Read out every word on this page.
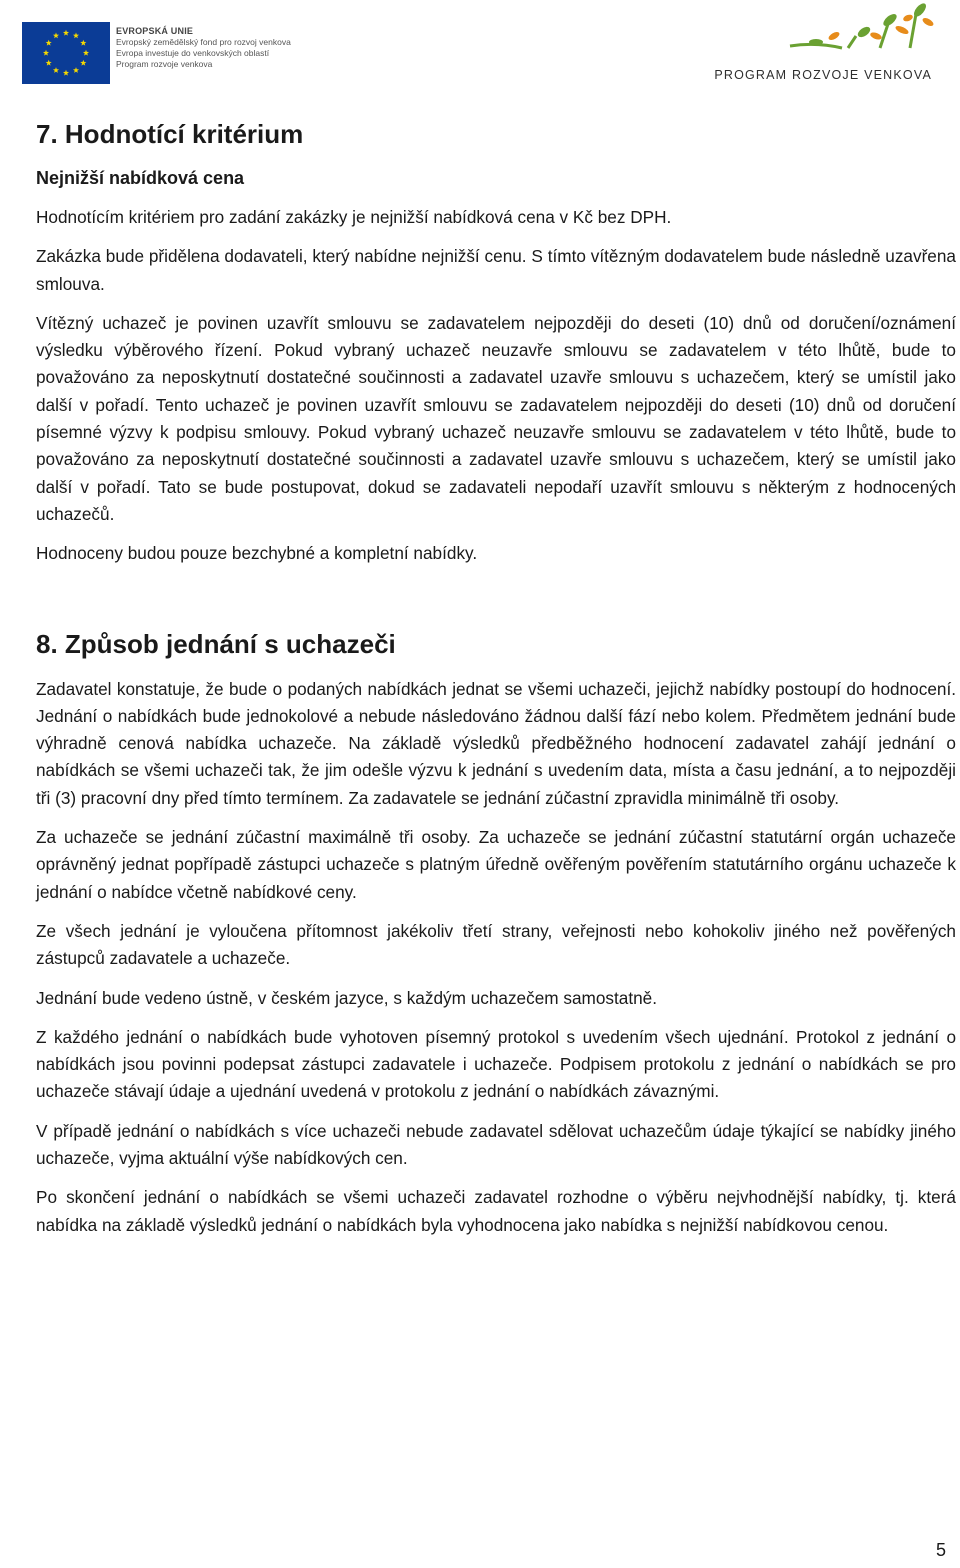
EVROPSKÁ UNIE
Evropský zemědělský fond pro rozvoj venkova
Evropa investuje do venkovských oblastí
Program rozvoje venkova
PROGRAM ROZVOJE VENKOVA
7. Hodnotící kritérium
Nejnižší nabídková cena

Hodnotícím kritériem pro zadání zakázky je nejnižší nabídková cena v Kč bez DPH.

Zakázka bude přidělena dodavateli, který nabídne nejnižší cenu. S tímto vítězným dodavatelem bude následně uzavřena smlouva.

Vítězný uchazeč je povinen uzavřít smlouvu se zadavatelem nejpozději do deseti (10) dnů od doručení/oznámení výsledku výběrového řízení. Pokud vybraný uchazeč neuzavře smlouvu se zadavatelem v této lhůtě, bude to považováno za neposkytnutí dostatečné součinnosti a zadavatel uzavře smlouvu s uchazečem, který se umístil jako další v pořadí. Tento uchazeč je povinen uzavřít smlouvu se zadavatelem nejpozději do deseti (10) dnů od doručení písemné výzvy k podpisu smlouvy. Pokud vybraný uchazeč neuzavře smlouvu se zadavatelem v této lhůtě, bude to považováno za neposkytnutí dostatečné součinnosti a zadavatel uzavře smlouvu s uchazečem, který se umístil jako další v pořadí. Tato se bude postupovat, dokud se zadavateli nepodaří uzavřít smlouvu s některým z hodnocených uchazečů.

Hodnoceny budou pouze bezchybné a kompletní nabídky.

8. Způsob jednání s uchazeči

Zadavatel konstatuje, že bude o podaných nabídkách jednat se všemi uchazeči, jejichž nabídky postoupí do hodnocení. Jednání o nabídkách bude jednokolové a nebude následováno žádnou další fází nebo kolem. Předmětem jednání bude výhradně cenová nabídka uchazeče. Na základě výsledků předběžného hodnocení zadavatel zahájí jednání o nabídkách se všemi uchazeči tak, že jim odešle výzvu k jednání s uvedením data, místa a času jednání, a to nejpozději tři (3) pracovní dny před tímto termínem. Za zadavatele se jednání zúčastní zpravidla minimálně tři osoby.

Za uchazeče se jednání zúčastní maximálně tři osoby. Za uchazeče se jednání zúčastní statutární orgán uchazeče oprávněný jednat popřípadě zástupci uchazeče s platným úředně ověřeným pověřením statutárního orgánu uchazeče k jednání o nabídce včetně nabídkové ceny.

Ze všech jednání je vyloučena přítomnost jakékoliv třetí strany, veřejnosti nebo kohokoliv jiného než pověřených zástupců zadavatele a uchazeče.

Jednání bude vedeno ústně, v českém jazyce, s každým uchazečem samostatně.

Z každého jednání o nabídkách bude vyhotoven písemný protokol s uvedením všech ujednání. Protokol z jednání o nabídkách jsou povinni podepsat zástupci zadavatele i uchazeče. Podpisem protokolu z jednání o nabídkách se pro uchazeče stávají údaje a ujednání uvedená v protokolu z jednání o nabídkách závaznými.

V případě jednání o nabídkách s více uchazeči nebude zadavatel sdělovat uchazečům údaje týkající se nabídky jiného uchazeče, vyjma aktuální výše nabídkových cen.

Po skončení jednání o nabídkách se všemi uchazeči zadavatel rozhodne o výběru nejvhodnější nabídky, tj. která nabídka na základě výsledků jednání o nabídkách byla vyhodnocena jako nabídka s nejnižší nabídkovou cenou.

5
